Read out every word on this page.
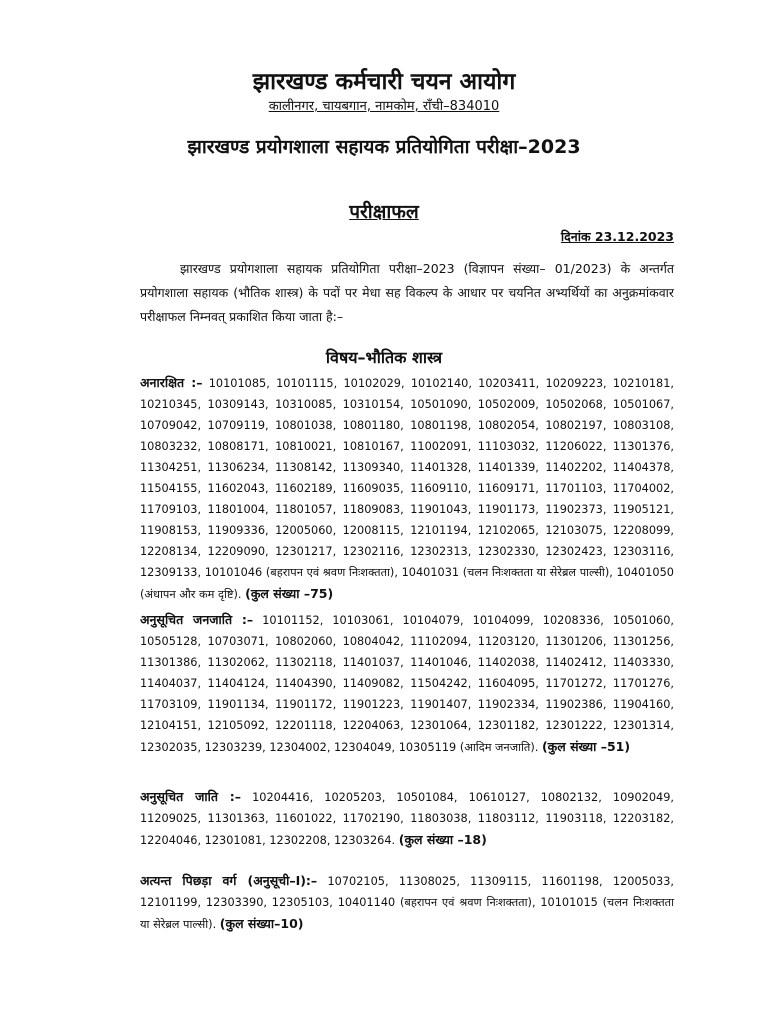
झारखण्ड कर्मचारी चयन आयोग
कालीनगर, चायबगान, नामकोम, राँची–834010
झारखण्ड प्रयोगशाला सहायक प्रतियोगिता परीक्षा–2023
परीक्षाफल
दिनांक 23.12.2023
झारखण्ड प्रयोगशाला सहायक प्रतियोगिता परीक्षा–2023 (विज्ञापन संख्या– 01/2023) के अन्तर्गत प्रयोगशाला सहायक (भौतिक शास्त्र) के पदों पर मेधा सह विकल्प के आधार पर चयनित अभ्यर्थियों का अनुक्रमांकवार परीक्षाफल निम्नवत् प्रकाशित किया जाता है:–
विषय–भौतिक शास्त्र
अनारक्षित :– 10101085, 10101115, 10102029, 10102140, 10203411, 10209223, 10210181, 10210345, 10309143, 10310085, 10310154, 10501090, 10502009, 10502068, 10501067, 10709042, 10709119, 10801038, 10801180, 10801198, 10802054, 10802197, 10803108, 10803232, 10808171, 10810021, 10810167, 11002091, 11103032, 11206022, 11301376, 11304251, 11306234, 11308142, 11309340, 11401328, 11401339, 11402202, 11404378, 11504155, 11602043, 11602189, 11609035, 11609110, 11609171, 11701103, 11704002, 11709103, 11801004, 11801057, 11809083, 11901043, 11901173, 11902373, 11905121, 11908153, 11909336, 12005060, 12008115, 12101194, 12102065, 12103075, 12208099, 12208134, 12209090, 12301217, 12302116, 12302313, 12302330, 12302423, 12303116, 12309133, 10101046 (बहरापन एवं श्रवण निःशक्तता), 10401031 (चलन निःशक्तता या सेरेब्रल पाल्सी), 10401050 (अंधापन और कम दृष्टि). (कुल संख्या –75)
अनुसूचित जनजाति :– 10101152, 10103061, 10104079, 10104099, 10208336, 10501060, 10505128, 10703071, 10802060, 10804042, 11102094, 11203120, 11301206, 11301256, 11301386, 11302062, 11302118, 11401037, 11401046, 11402038, 11402412, 11403330, 11404037, 11404124, 11404390, 11409082, 11504242, 11604095, 11701272, 11701276, 11703109, 11901134, 11901172, 11901223, 11901407, 11902334, 11902386, 11904160, 12104151, 12105092, 12201118, 12204063, 12301064, 12301182, 12301222, 12301314, 12302035, 12303239, 12304002, 12304049, 10305119 (आदिम जनजाति). (कुल संख्या –51)
अनुसूचित जाति :– 10204416, 10205203, 10501084, 10610127, 10802132, 10902049, 11209025, 11301363, 11601022, 11702190, 11803038, 11803112, 11903118, 12203182, 12204046, 12301081, 12302208, 12303264. (कुल संख्या –18)
अत्यन्त पिछड़ा वर्ग (अनुसूची–I):– 10702105, 11308025, 11309115, 11601198, 12005033, 12101199, 12303390, 12305103, 10401140 (बहरापन एवं श्रवण निःशक्तता), 10101015 (चलन निःशक्तता या सेरेब्रल पाल्सी). (कुल संख्या–10)
